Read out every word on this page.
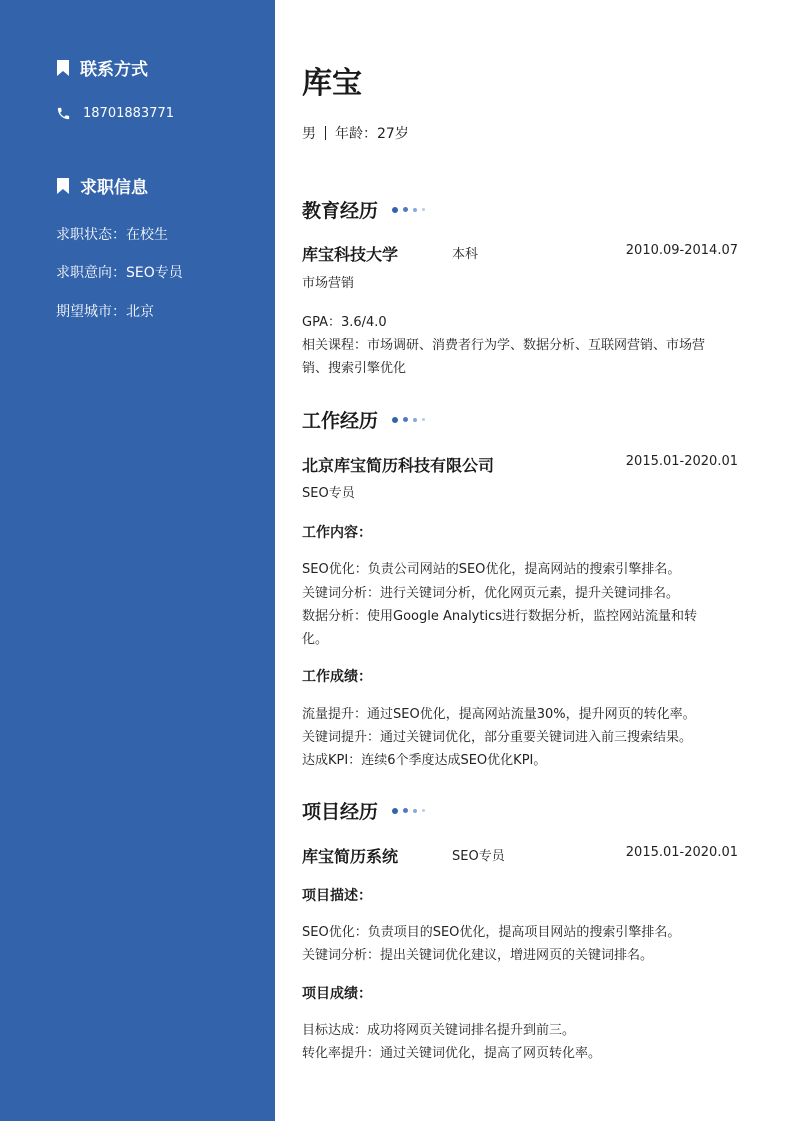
联系方式
18701883771
求职信息
求职状态：在校生
求职意向：SEO专员
期望城市：北京
库宝
男 年龄：27岁
教育经历
库宝科技大学	本科	2010.09-2014.07
市场营销
GPA：3.6/4.0
相关课程：市场调研、消费者行为学、数据分析、互联网营销、市场营
销、搜索引擎优化
工作经历
北京库宝简历科技有限公司	2015.01-2020.01
SEO专员
工作内容：
SEO优化：负责公司网站的SEO优化，提高网站的搜索引擎排名。
关键词分析：进行关键词分析，优化网页元素，提升关键词排名。
数据分析：使用Google Analytics进行数据分析，监控网站流量和转
化。
工作成绩：
流量提升：通过SEO优化，提高网站流量30%，提升网页的转化率。
关键词提升：通过关键词优化，部分重要关键词进入前三搜索结果。
达成KPI：连续6个季度达成SEO优化KPI。
项目经历
库宝简历系统	SEO专员	2015.01-2020.01
项目描述：
SEO优化：负责项目的SEO优化，提高项目网站的搜索引擎排名。
关键词分析：提出关键词优化建议，增进网页的关键词排名。
项目成绩：
目标达成：成功将网页关键词排名提升到前三。
转化率提升：通过关键词优化，提高了网页转化率。
